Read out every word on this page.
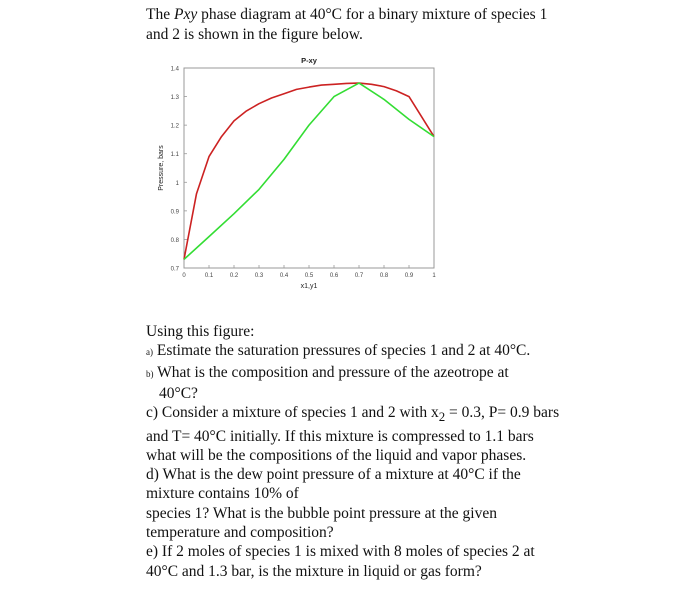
The Pxy phase diagram at 40°C for a binary mixture of species 1 and 2 is shown in the figure below.

P-xy
x1,y1
Pressure, bars
0.7
0.8
0.9
1
1.1
1.2
1.3
1.4
0	0.1	0.2	0.3	0.4	0.5	0.6	0.7	0.8	0.9	1

Using this figure:

a) Estimate the saturation pressures of species 1 and 2 at 40°C.

b) What is the composition and pressure of the azeotrope at

40°C?

c) Consider a mixture of species 1 and 2 with $x_2 = 0.3$, P= 0.9 bars and T= 40°C initially. If this mixture is compressed to 1.1 bars what will be the compositions of the liquid and vapor phases.

d) What is the dew point pressure of a mixture at 40°C if the mixture contains 10% of

species 1? What is the bubble point pressure at the given temperature and composition?

e) If 2 moles of species 1 is mixed with 8 moles of species 2 at 40°C and 1.3 bar, is the mixture in liquid or gas form?
